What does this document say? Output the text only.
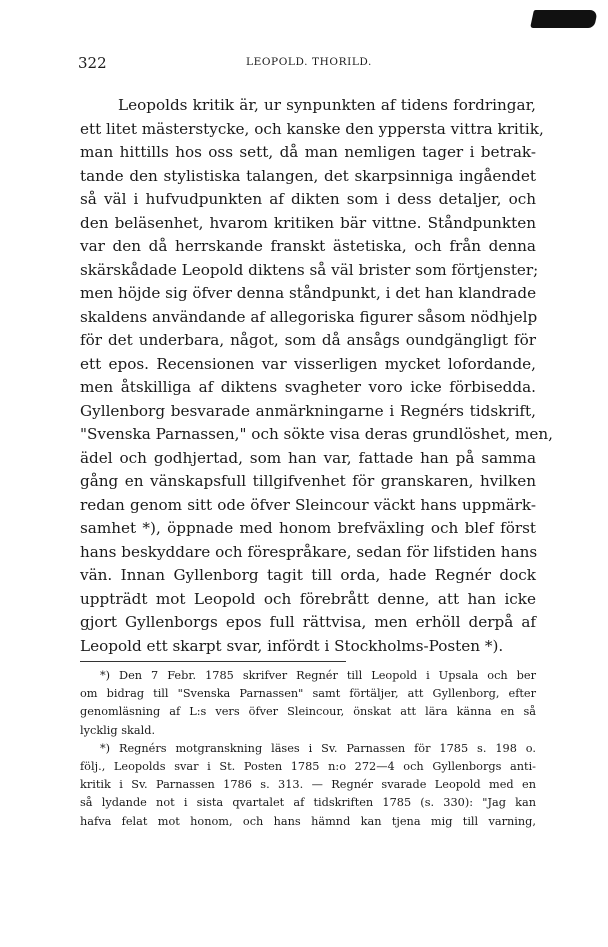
322	LEOPOLD. THORILD.
Leopolds kritik är, ur synpunkten af tidens fordringar,
ett litet mästerstycke, och kanske den yppersta vittra kritik,
man hittills hos oss sett, då man nemligen tager i betrak-
tande den stylistiska talangen, det skarpsinniga ingåendet
så väl i hufvudpunkten af dikten som i dess detaljer, och
den beläsenhet, hvarom kritiken bär vittne. Ståndpunkten
var den då herrskande franskt ästetiska, och från denna
skärskådade Leopold diktens så väl brister som förtjenster;
men höjde sig öfver denna ståndpunkt, i det han klandrade
skaldens användande af allegoriska figurer såsom nödhjelp
för det underbara, något, som då ansågs oundgängligt för
ett epos. Recensionen var visserligen mycket lofordande,
men åtskilliga af diktens svagheter voro icke förbisedda.
Gyllenborg besvarade anmärkningarne i Regnérs tidskrift,
"Svenska Parnassen," och sökte visa deras grundlöshet, men,
ädel och godhjertad, som han var, fattade han på samma
gång en vänskapsfull tillgifvenhet för granskaren, hvilken
redan genom sitt ode öfver Sleincour väckt hans uppmärk-
samhet *), öppnade med honom brefväxling och blef först
hans beskyddare och förespråkare, sedan för lifstiden hans
vän. Innan Gyllenborg tagit till orda, hade Regnér dock
uppträdt mot Leopold och förebrått denne, att han icke
gjort Gyllenborgs epos full rättvisa, men erhöll derpå af
Leopold ett skarpt svar, infördt i Stockholms-Posten *).
*) Den 7 Febr. 1785 skrifver Regnér till Leopold i Upsala och ber
om bidrag till "Svenska Parnassen" samt förtäljer, att Gyllenborg, efter
genomläsning af L:s vers öfver Sleincour, önskat att lära känna en så
lycklig skald.
*) Regnérs motgranskning läses i Sv. Parnassen för 1785 s. 198 o.
följ., Leopolds svar i St. Posten 1785 n:o 272—4 och Gyllenborgs anti-
kritik i Sv. Parnassen 1786 s. 313. — Regnér svarade Leopold med en
så lydande not i sista qvartalet af tidskriften 1785 (s. 330): "Jag kan
hafva felat mot honom, och hans hämnd kan tjena mig till varning,
